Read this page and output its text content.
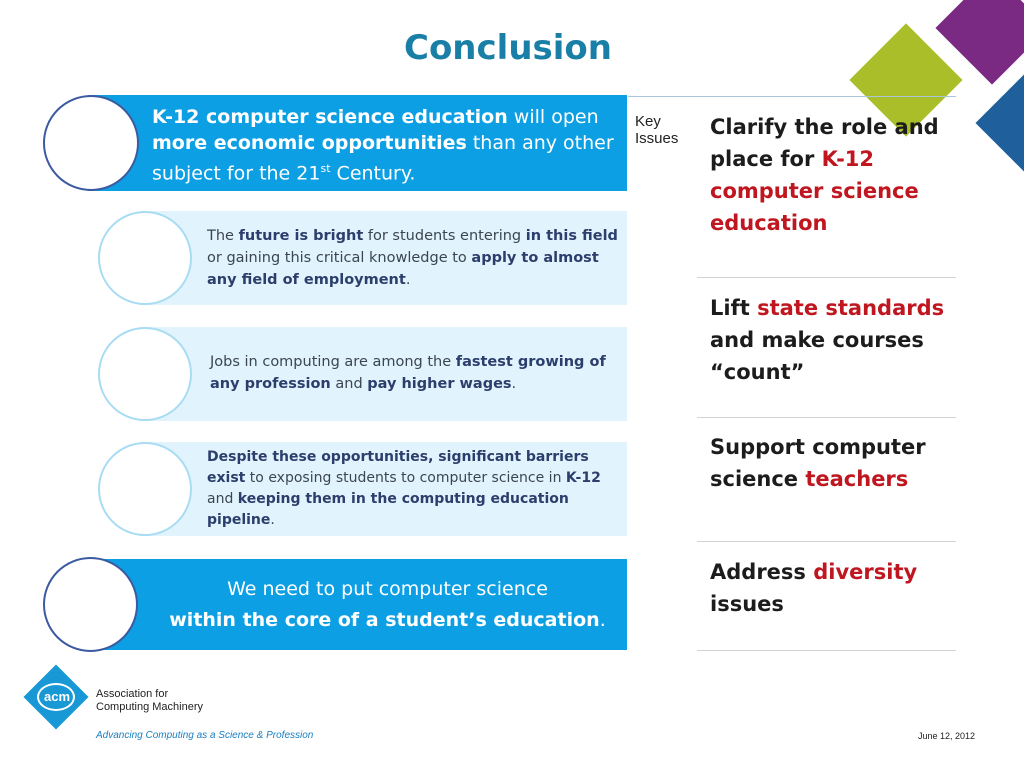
Conclusion
K-12 computer science education will open more economic opportunities than any other subject for the 21st Century.
The future is bright for students entering in this field or gaining this critical knowledge to apply to almost any field of employment.
Jobs in computing are among the fastest growing of any profession and pay higher wages.
Despite these opportunities, significant barriers exist to exposing students to computer science in K-12 and keeping them in the computing education pipeline.
We need to put computer science
within the core of a student’s education.
Key Issues	Clarify the role and place for K-12 computer science education
Lift state standards and make courses “count”
Support computer science teachers
Address diversity issues
acm	Association for
Computing Machinery
Advancing Computing as a Science & Profession	June 12, 2012
